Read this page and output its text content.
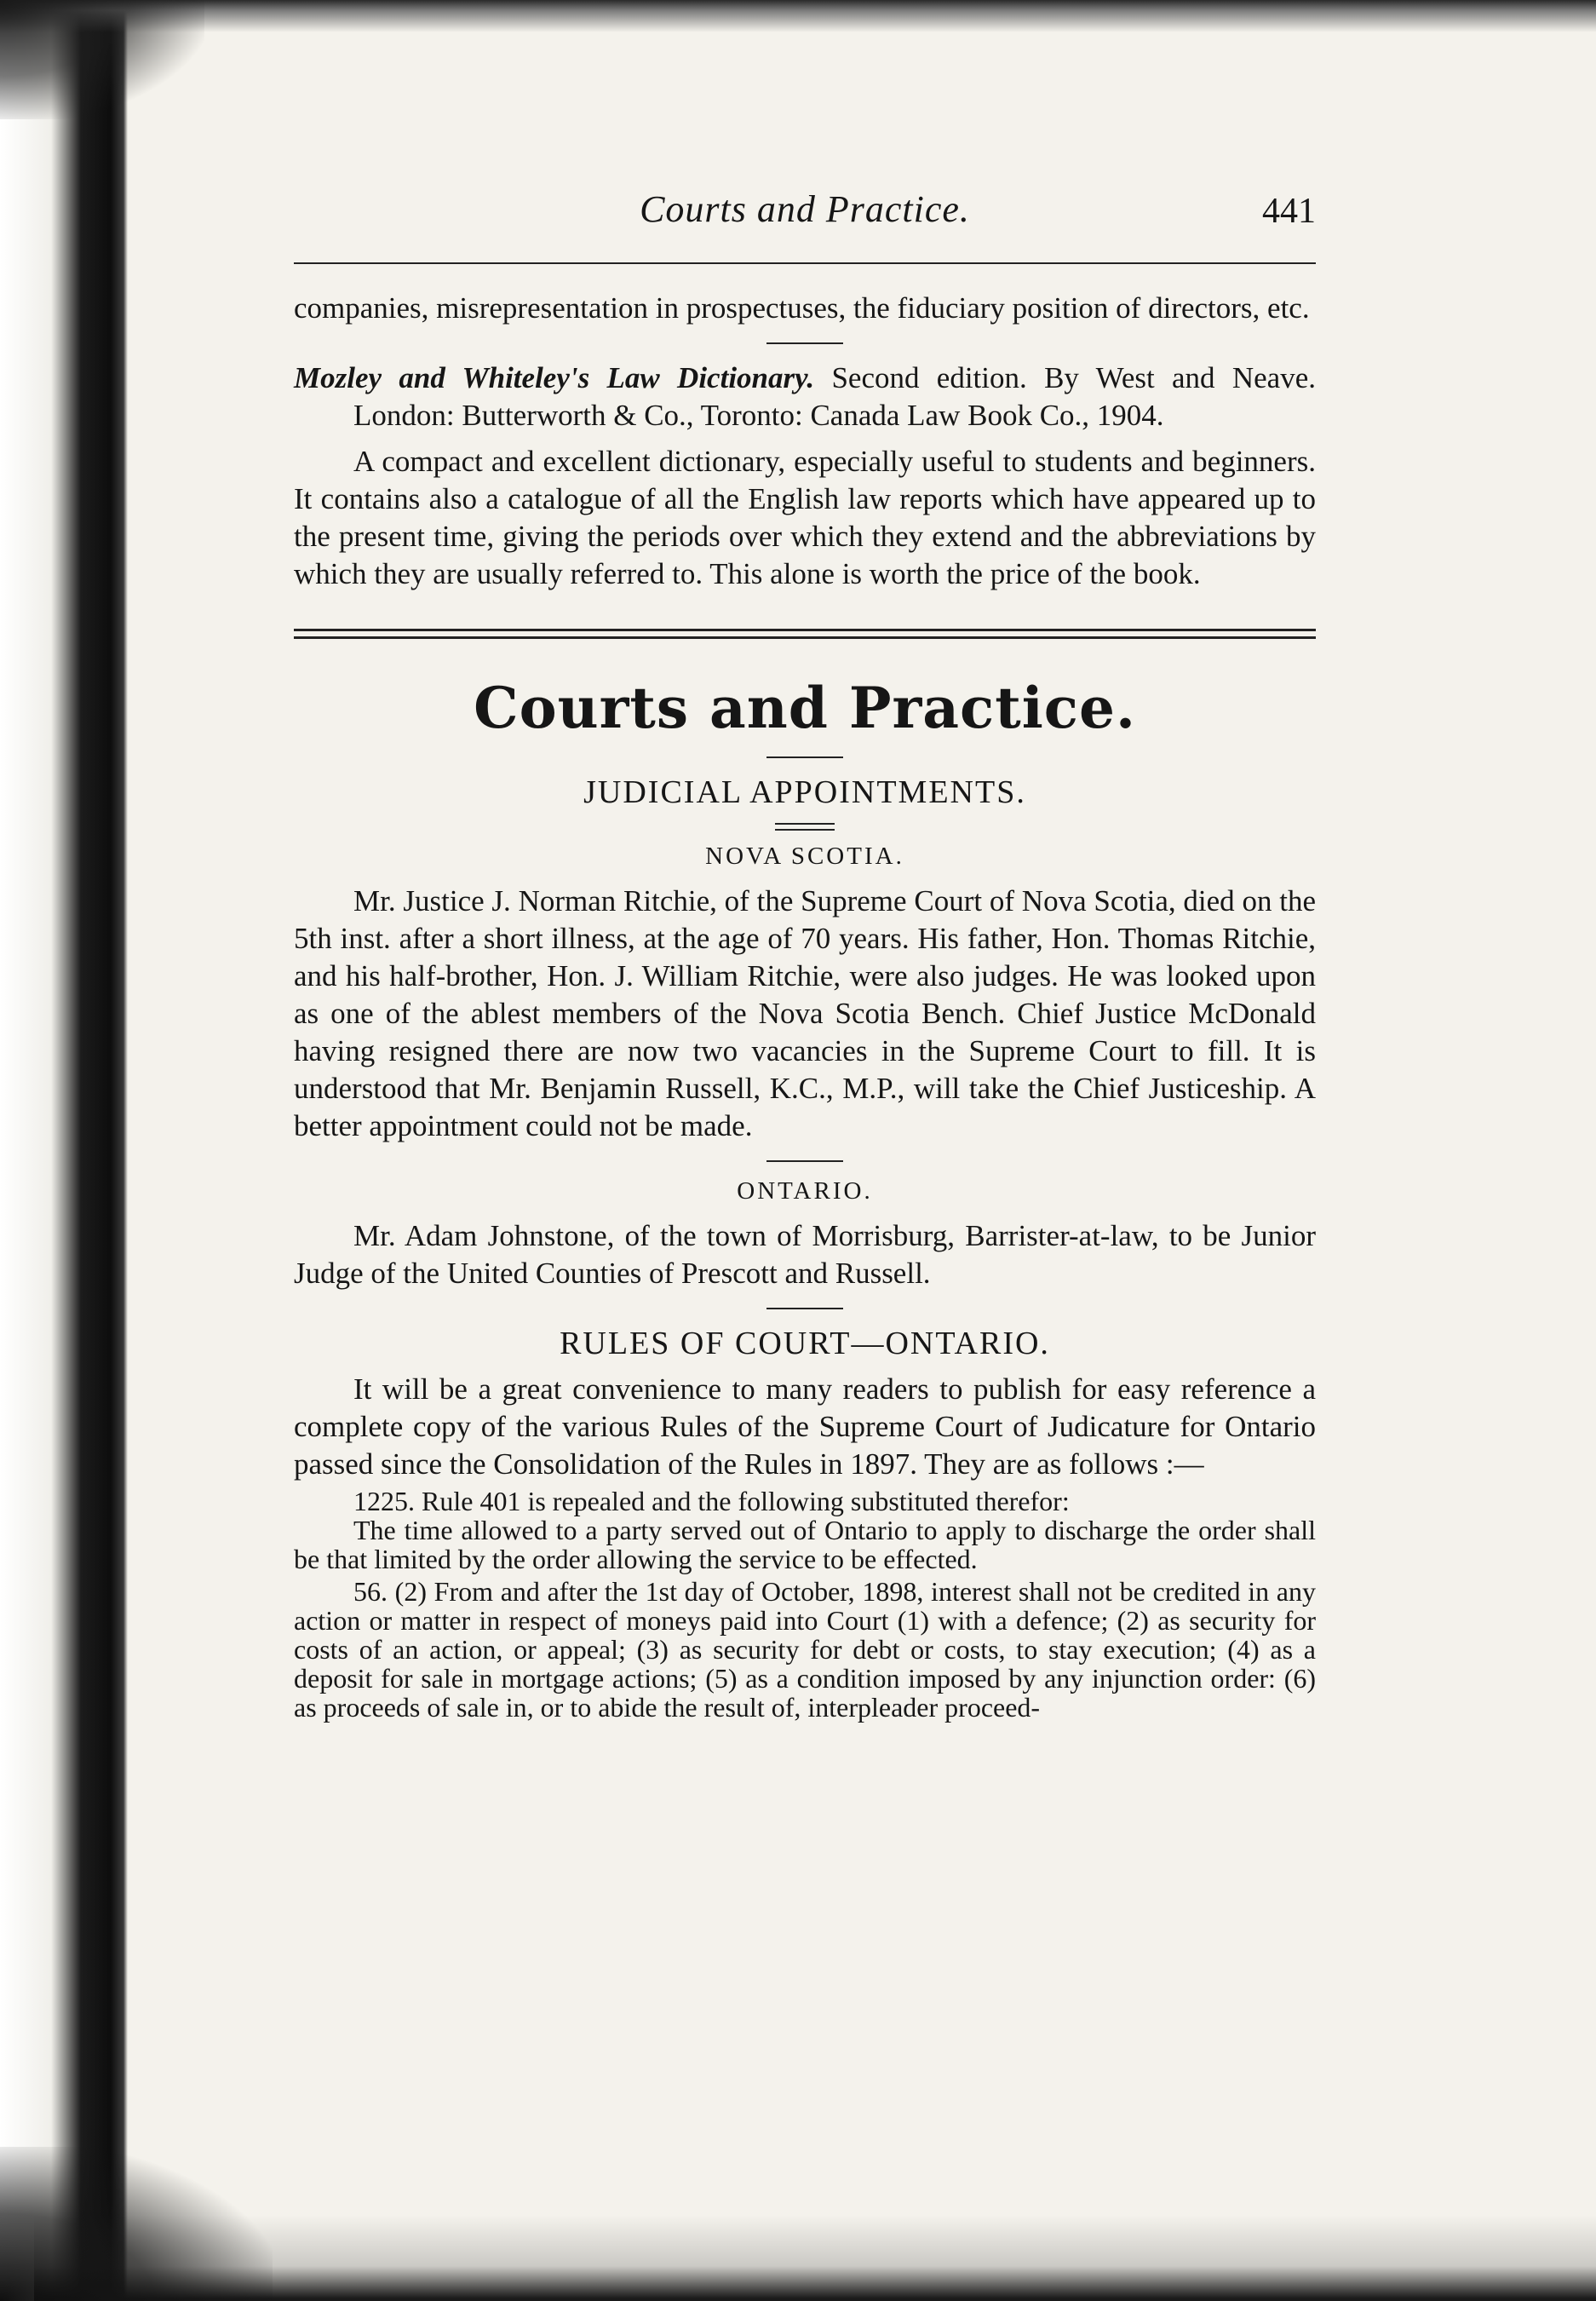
Courts and Practice.	441

companies, misrepresentation in prospectuses, the fiduciary position of directors, etc.

Mozley and Whiteley's Law Dictionary. Second edition. By West and Neave. London: Butterworth & Co., Toronto: Canada Law Book Co., 1904.

A compact and excellent dictionary, especially useful to students and beginners. It contains also a catalogue of all the English law reports which have appeared up to the present time, giving the periods over which they extend and the abbreviations by which they are usually referred to. This alone is worth the price of the book.

Courts and Practice.
JUDICIAL APPOINTMENTS.
NOVA SCOTIA.

Mr. Justice J. Norman Ritchie, of the Supreme Court of Nova Scotia, died on the 5th inst. after a short illness, at the age of 70 years. His father, Hon. Thomas Ritchie, and his half-brother, Hon. J. William Ritchie, were also judges. He was looked upon as one of the ablest members of the Nova Scotia Bench. Chief Justice McDonald having resigned there are now two vacancies in the Supreme Court to fill. It is understood that Mr. Benjamin Russell, K.C., M.P., will take the Chief Justiceship. A better appointment could not be made.

ONTARIO.

Mr. Adam Johnstone, of the town of Morrisburg, Barrister-at-law, to be Junior Judge of the United Counties of Prescott and Russell.

RULES OF COURT—ONTARIO.

It will be a great convenience to many readers to publish for easy reference a complete copy of the various Rules of the Supreme Court of Judicature for Ontario passed since the Consolidation of the Rules in 1897. They are as follows :—

1225. Rule 401 is repealed and the following substituted therefor:

The time allowed to a party served out of Ontario to apply to discharge the order shall be that limited by the order allowing the service to be effected.

56. (2) From and after the 1st day of October, 1898, interest shall not be credited in any action or matter in respect of moneys paid into Court (1) with a defence; (2) as security for costs of an action, or appeal; (3) as security for debt or costs, to stay execution; (4) as a deposit for sale in mortgage actions; (5) as a condition imposed by any injunction order: (6) as proceeds of sale in, or to abide the result of, interpleader proceed-
